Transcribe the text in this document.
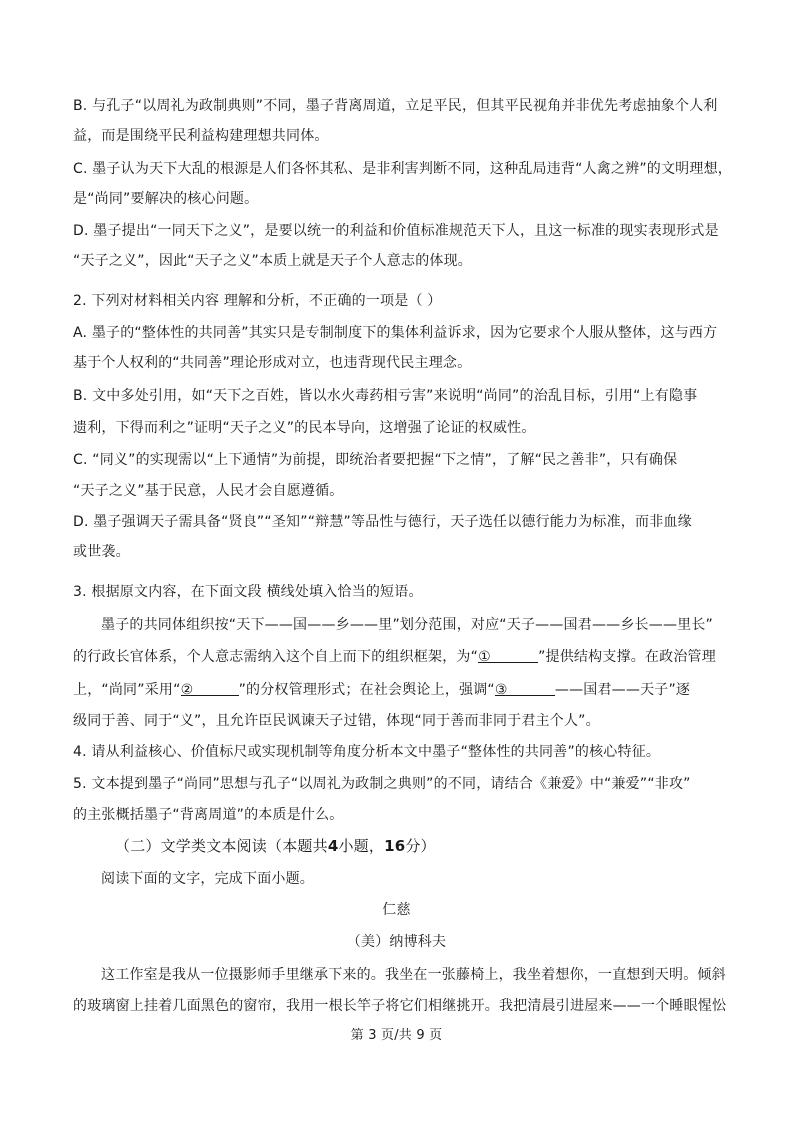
B. 与孔子“以周礼为政制典则”不同，墨子背离周道，立足平民，但其平民视角并非优先考虑抽象个人利
益，而是围绕平民利益构建理想共同体。
C. 墨子认为天下大乱的根源是人们各怀其私、是非利害判断不同，这种乱局违背“人禽之辨”的文明理想，
是“尚同”要解决的核心问题。
D. 墨子提出“一同天下之义”，是要以统一的利益和价值标准规范天下人，且这一标准的现实表现形式是
“天子之义”，因此“天子之义”本质上就是天子个人意志的体现。
2. 下列对材料相关内容 理解和分析，不正确的一项是（ ）
A. 墨子的“整体性的共同善”其实只是专制制度下的集体利益诉求，因为它要求个人服从整体，这与西方
基于个人权利的“共同善”理论形成对立，也违背现代民主理念。
B. 文中多处引用，如“天下之百姓，皆以水火毒药相亏害”来说明“尚同”的治乱目标，引用“上有隐事
遗利，下得而利之”证明“天子之义”的民本导向，这增强了论证的权威性。
C. “同义”的实现需以“上下通情”为前提，即统治者要把握“下之情”，了解“民之善非”，只有确保
“天子之义”基于民意，人民才会自愿遵循。
D. 墨子强调天子需具备“贤良”“圣知”“辩慧”等品性与德行，天子选任以德行能力为标准，而非血缘
或世袭。
3. 根据原文内容，在下面文段 横线处填入恰当的短语。
墨子的共同体组织按“天下——国——乡——里”划分范围，对应“天子——国君——乡长——里长”
的行政长官体系，个人意志需纳入这个自上而下的组织框架，为“①	”提供结构支撑。在政治管理
上，“尚同”采用“②	”的分权管理形式；在社会舆论上，强调“③	——国君——天子”逐
级同于善、同于“义”，且允许臣民讽谏天子过错，体现“同于善而非同于君主个人”。
4. 请从利益核心、价值标尺或实现机制等角度分析本文中墨子“整体性的共同善”的核心特征。
5. 文本提到墨子“尚同”思想与孔子“以周礼为政制之典则”的不同，请结合《兼爱》中“兼爱”“非攻”
的主张概括墨子“背离周道”的本质是什么。
（二）文学类文本阅读（本题共4小题，16分）
阅读下面的文字，完成下面小题。
仁慈
（美）纳博科夫
这工作室是我从一位摄影师手里继承下来的。我坐在一张藤椅上，我坐着想你，一直想到天明。倾斜
的玻璃窗上挂着几面黑色的窗帘，我用一根长竿子将它们相继挑开。我把清晨引进屋来——一个睡眼惺忪
第 3 页/共 9 页
